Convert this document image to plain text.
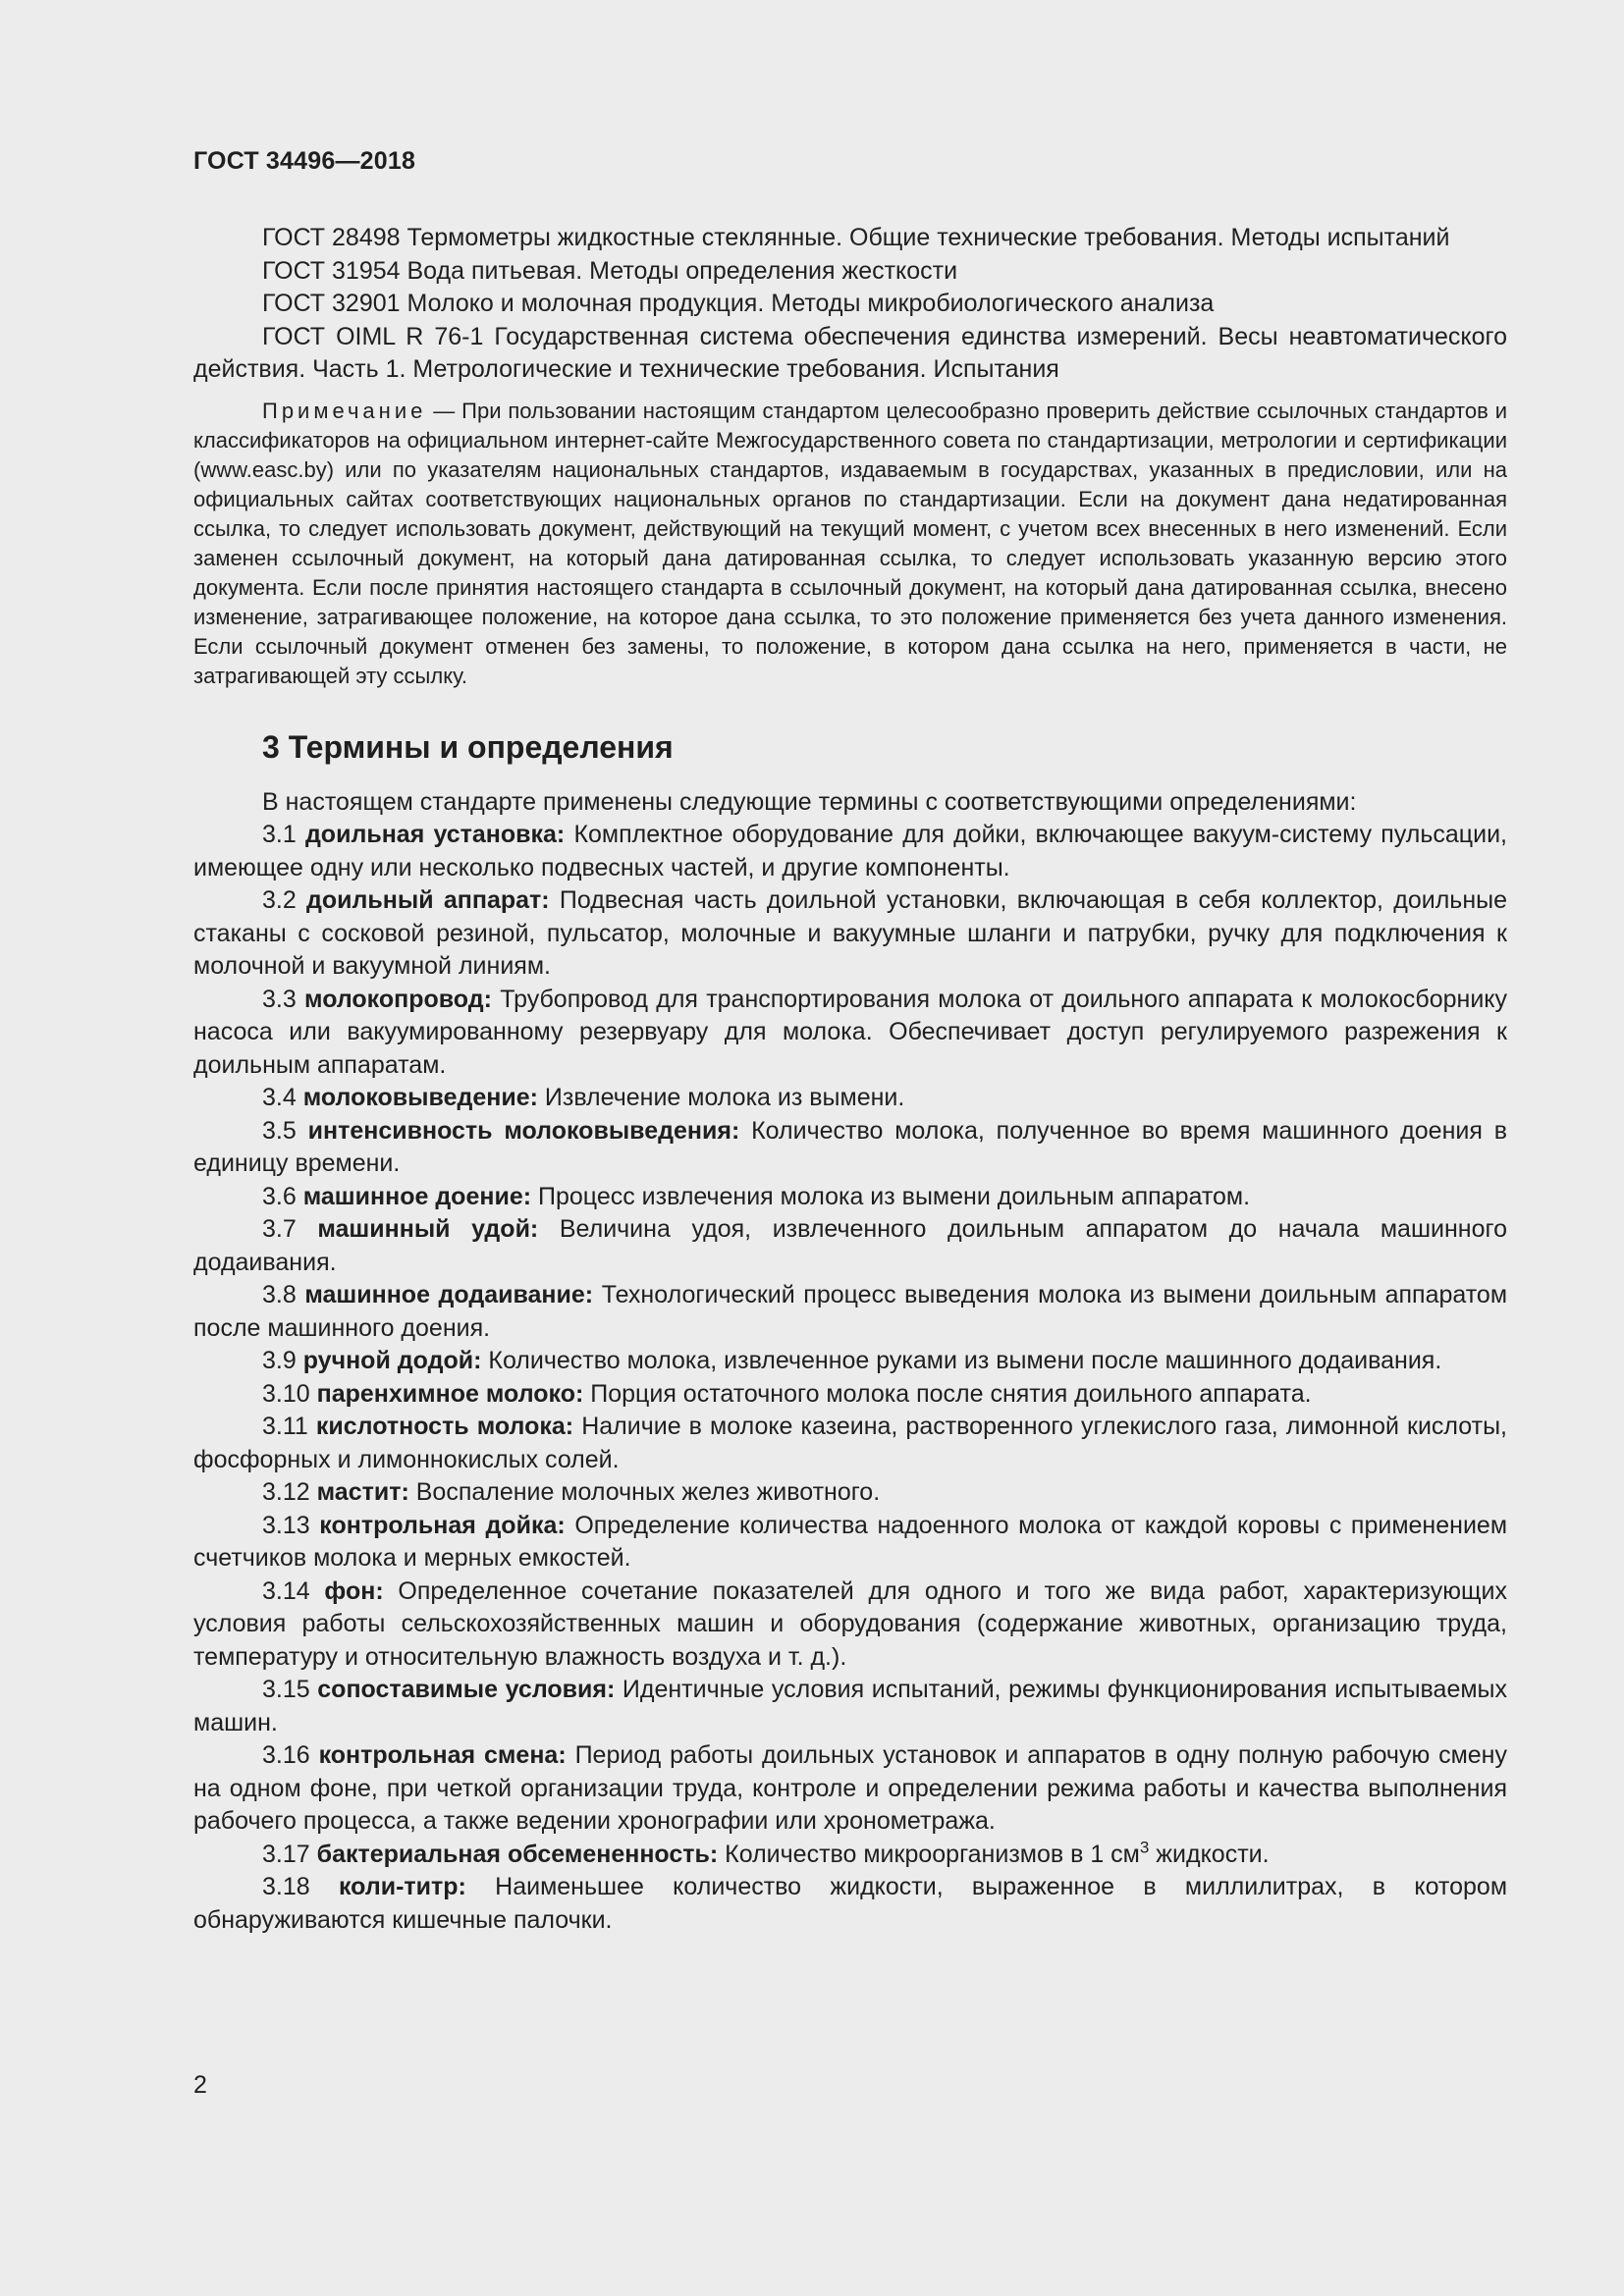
ГОСТ 34496—2018

ГОСТ 28498 Термометры жидкостные стеклянные. Общие технические требования. Методы испытаний

ГОСТ 31954 Вода питьевая. Методы определения жесткости

ГОСТ 32901 Молоко и молочная продукция. Методы микробиологического анализа

ГОСТ OIML R 76-1 Государственная система обеспечения единства измерений. Весы неавтоматического действия. Часть 1. Метрологические и технические требования. Испытания

Примечание — При пользовании настоящим стандартом целесообразно проверить действие ссылочных стандартов и классификаторов на официальном интернет-сайте Межгосударственного совета по стандартизации, метрологии и сертификации (www.easc.by) или по указателям национальных стандартов, издаваемым в государствах, указанных в предисловии, или на официальных сайтах соответствующих национальных органов по стандартизации. Если на документ дана недатированная ссылка, то следует использовать документ, действующий на текущий момент, с учетом всех внесенных в него изменений. Если заменен ссылочный документ, на который дана датированная ссылка, то следует использовать указанную версию этого документа. Если после принятия настоящего стандарта в ссылочный документ, на который дана датированная ссылка, внесено изменение, затрагивающее положение, на которое дана ссылка, то это положение применяется без учета данного изменения. Если ссылочный документ отменен без замены, то положение, в котором дана ссылка на него, применяется в части, не затрагивающей эту ссылку.

3 Термины и определения

В настоящем стандарте применены следующие термины с соответствующими определениями:

3.1 доильная установка: Комплектное оборудование для дойки, включающее вакуум-систему пульсации, имеющее одну или несколько подвесных частей, и другие компоненты.

3.2 доильный аппарат: Подвесная часть доильной установки, включающая в себя коллектор, доильные стаканы с сосковой резиной, пульсатор, молочные и вакуумные шланги и патрубки, ручку для подключения к молочной и вакуумной линиям.

3.3 молокопровод: Трубопровод для транспортирования молока от доильного аппарата к молокосборнику насоса или вакуумированному резервуару для молока. Обеспечивает доступ регулируемого разрежения к доильным аппаратам.

3.4 молоковыведение: Извлечение молока из вымени.

3.5 интенсивность молоковыведения: Количество молока, полученное во время машинного доения в единицу времени.

3.6 машинное доение: Процесс извлечения молока из вымени доильным аппаратом.

3.7 машинный удой: Величина удоя, извлеченного доильным аппаратом до начала машинного додаивания.

3.8 машинное додаивание: Технологический процесс выведения молока из вымени доильным аппаратом после машинного доения.

3.9 ручной додой: Количество молока, извлеченное руками из вымени после машинного додаивания.

3.10 паренхимное молоко: Порция остаточного молока после снятия доильного аппарата.

3.11 кислотность молока: Наличие в молоке казеина, растворенного углекислого газа, лимонной кислоты, фосфорных и лимоннокислых солей.

3.12 мастит: Воспаление молочных желез животного.

3.13 контрольная дойка: Определение количества надоенного молока от каждой коровы с применением счетчиков молока и мерных емкостей.

3.14 фон: Определенное сочетание показателей для одного и того же вида работ, характеризующих условия работы сельскохозяйственных машин и оборудования (содержание животных, организацию труда, температуру и относительную влажность воздуха и т. д.).

3.15 сопоставимые условия: Идентичные условия испытаний, режимы функционирования испытываемых машин.

3.16 контрольная смена: Период работы доильных установок и аппаратов в одну полную рабочую смену на одном фоне, при четкой организации труда, контроле и определении режима работы и качества выполнения рабочего процесса, а также ведении хронографии или хронометража.

3.17 бактериальная обсемененность: Количество микроорганизмов в 1 $см^3$ жидкости.

3.18 коли-титр: Наименьшее количество жидкости, выраженное в миллилитрах, в котором обнаруживаются кишечные палочки.

2
